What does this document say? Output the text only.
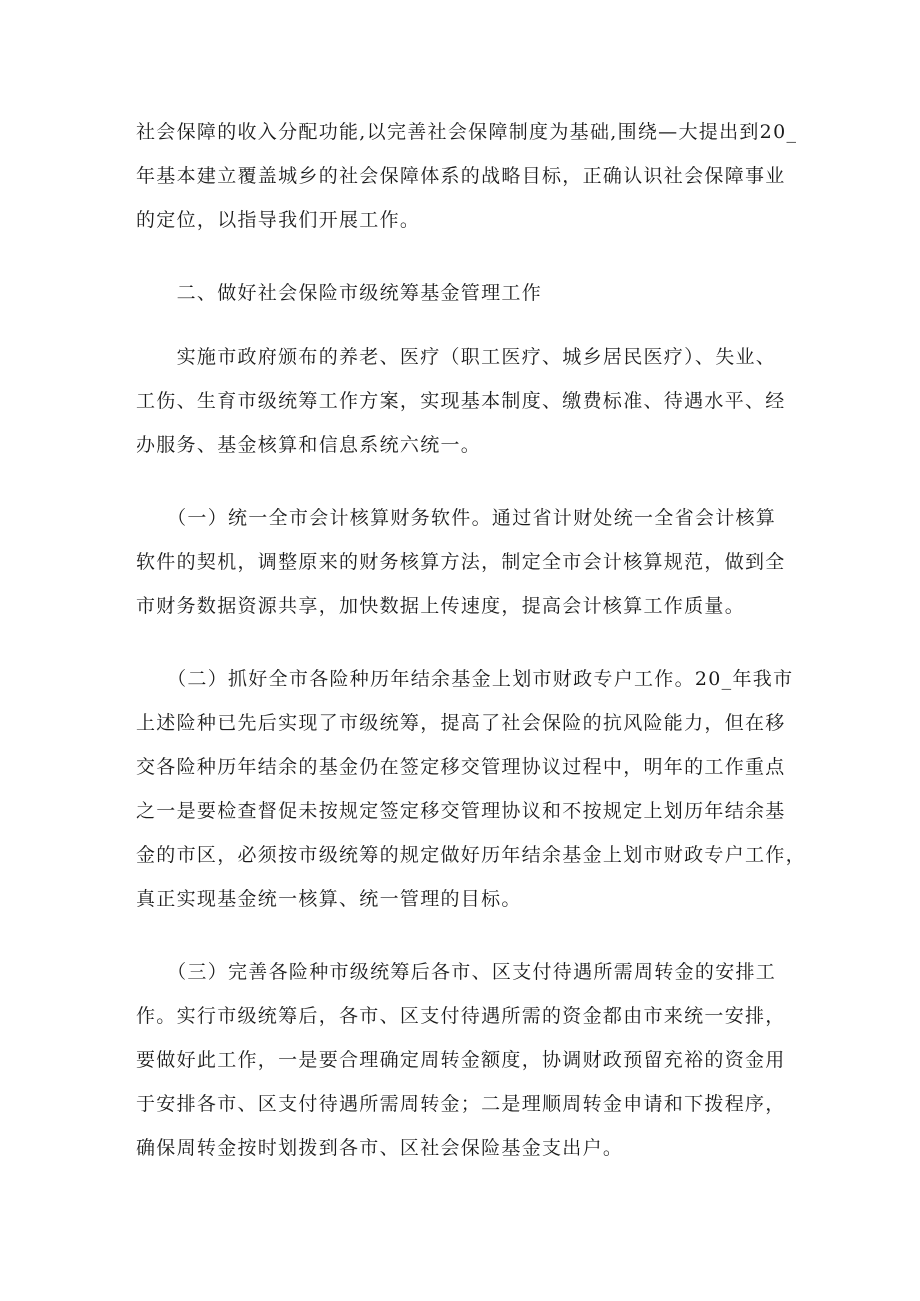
社会保障的收入分配功能,以完善社会保障制度为基础,围绕—大提出到20_
年基本建立覆盖城乡的社会保障体系的战略目标，正确认识社会保障事业
的定位，以指导我们开展工作。
　　二、做好社会保险市级统筹基金管理工作
　　实施市政府颁布的养老、医疗（职工医疗、城乡居民医疗）、失业、
工伤、生育市级统筹工作方案，实现基本制度、缴费标准、待遇水平、经
办服务、基金核算和信息系统六统一。
　　（一）统一全市会计核算财务软件。通过省计财处统一全省会计核算
软件的契机，调整原来的财务核算方法，制定全市会计核算规范，做到全
市财务数据资源共享，加快数据上传速度，提高会计核算工作质量。
　　（二）抓好全市各险种历年结余基金上划市财政专户工作。20_年我市
上述险种已先后实现了市级统筹，提高了社会保险的抗风险能力，但在移
交各险种历年结余的基金仍在签定移交管理协议过程中，明年的工作重点
之一是要检查督促未按规定签定移交管理协议和不按规定上划历年结余基
金的市区，必须按市级统筹的规定做好历年结余基金上划市财政专户工作，
真正实现基金统一核算、统一管理的目标。
　　（三）完善各险种市级统筹后各市、区支付待遇所需周转金的安排工
作。实行市级统筹后，各市、区支付待遇所需的资金都由市来统一安排，
要做好此工作，一是要合理确定周转金额度，协调财政预留充裕的资金用
于安排各市、区支付待遇所需周转金；二是理顺周转金申请和下拨程序，
确保周转金按时划拨到各市、区社会保险基金支出户。
